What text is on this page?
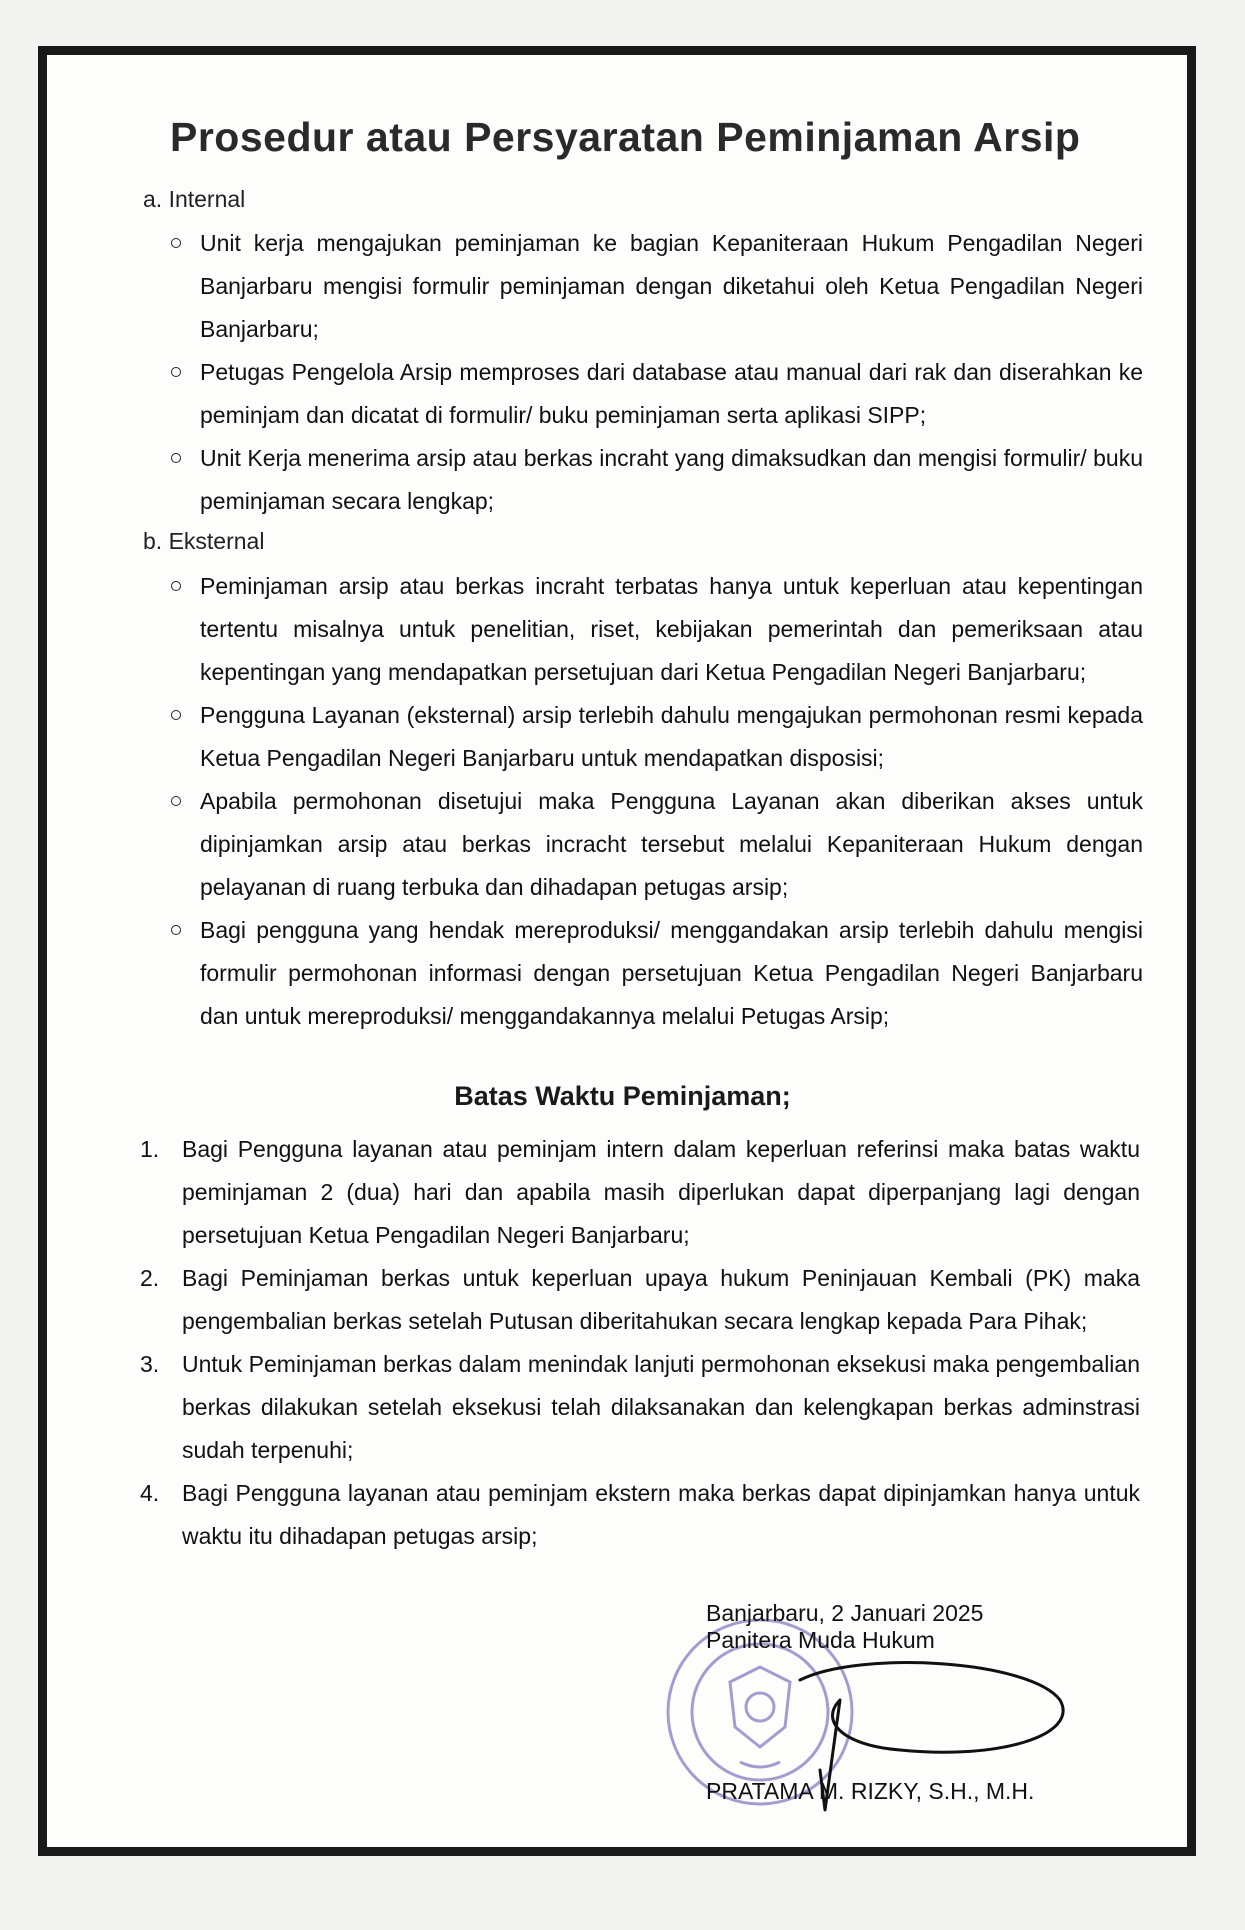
Prosedur atau Persyaratan Peminjaman Arsip
a. Internal
Unit kerja mengajukan peminjaman ke bagian Kepaniteraan Hukum Pengadilan Negeri Banjarbaru mengisi formulir peminjaman dengan diketahui oleh Ketua Pengadilan Negeri Banjarbaru;
Petugas Pengelola Arsip memproses dari database atau manual dari rak dan diserahkan ke peminjam dan dicatat di formulir/ buku peminjaman serta aplikasi SIPP;
Unit Kerja menerima arsip atau berkas incraht yang dimaksudkan dan mengisi formulir/ buku peminjaman secara lengkap;
b. Eksternal
Peminjaman arsip atau berkas incraht terbatas hanya untuk keperluan atau kepentingan tertentu misalnya untuk penelitian, riset, kebijakan pemerintah dan pemeriksaan atau kepentingan yang mendapatkan persetujuan dari Ketua Pengadilan Negeri Banjarbaru;
Pengguna Layanan (eksternal) arsip terlebih dahulu mengajukan permohonan resmi kepada Ketua Pengadilan Negeri Banjarbaru untuk mendapatkan disposisi;
Apabila permohonan disetujui maka Pengguna Layanan akan diberikan akses untuk dipinjamkan arsip atau berkas incracht tersebut melalui Kepaniteraan Hukum dengan pelayanan di ruang terbuka dan dihadapan petugas arsip;
Bagi pengguna yang hendak mereproduksi/ menggandakan arsip terlebih dahulu mengisi formulir permohonan informasi dengan persetujuan Ketua Pengadilan Negeri Banjarbaru dan untuk mereproduksi/ menggandakannya melalui Petugas Arsip;
Batas Waktu Peminjaman;
1. Bagi Pengguna layanan atau peminjam intern dalam keperluan referinsi maka batas waktu peminjaman 2 (dua) hari dan apabila masih diperlukan dapat diperpanjang lagi dengan persetujuan Ketua Pengadilan Negeri Banjarbaru;
2. Bagi Peminjaman berkas untuk keperluan upaya hukum Peninjauan Kembali (PK) maka pengembalian berkas setelah Putusan diberitahukan secara lengkap kepada Para Pihak;
3. Untuk Peminjaman berkas dalam menindak lanjuti permohonan eksekusi maka pengembalian berkas dilakukan setelah eksekusi telah dilaksanakan dan kelengkapan berkas adminstrasi sudah terpenuhi;
4. Bagi Pengguna layanan atau peminjam ekstern maka berkas dapat dipinjamkan hanya untuk waktu itu dihadapan petugas arsip;
Banjarbaru, 2 Januari 2025
Panitera Muda Hukum
PRATAMA M. RIZKY, S.H., M.H.
